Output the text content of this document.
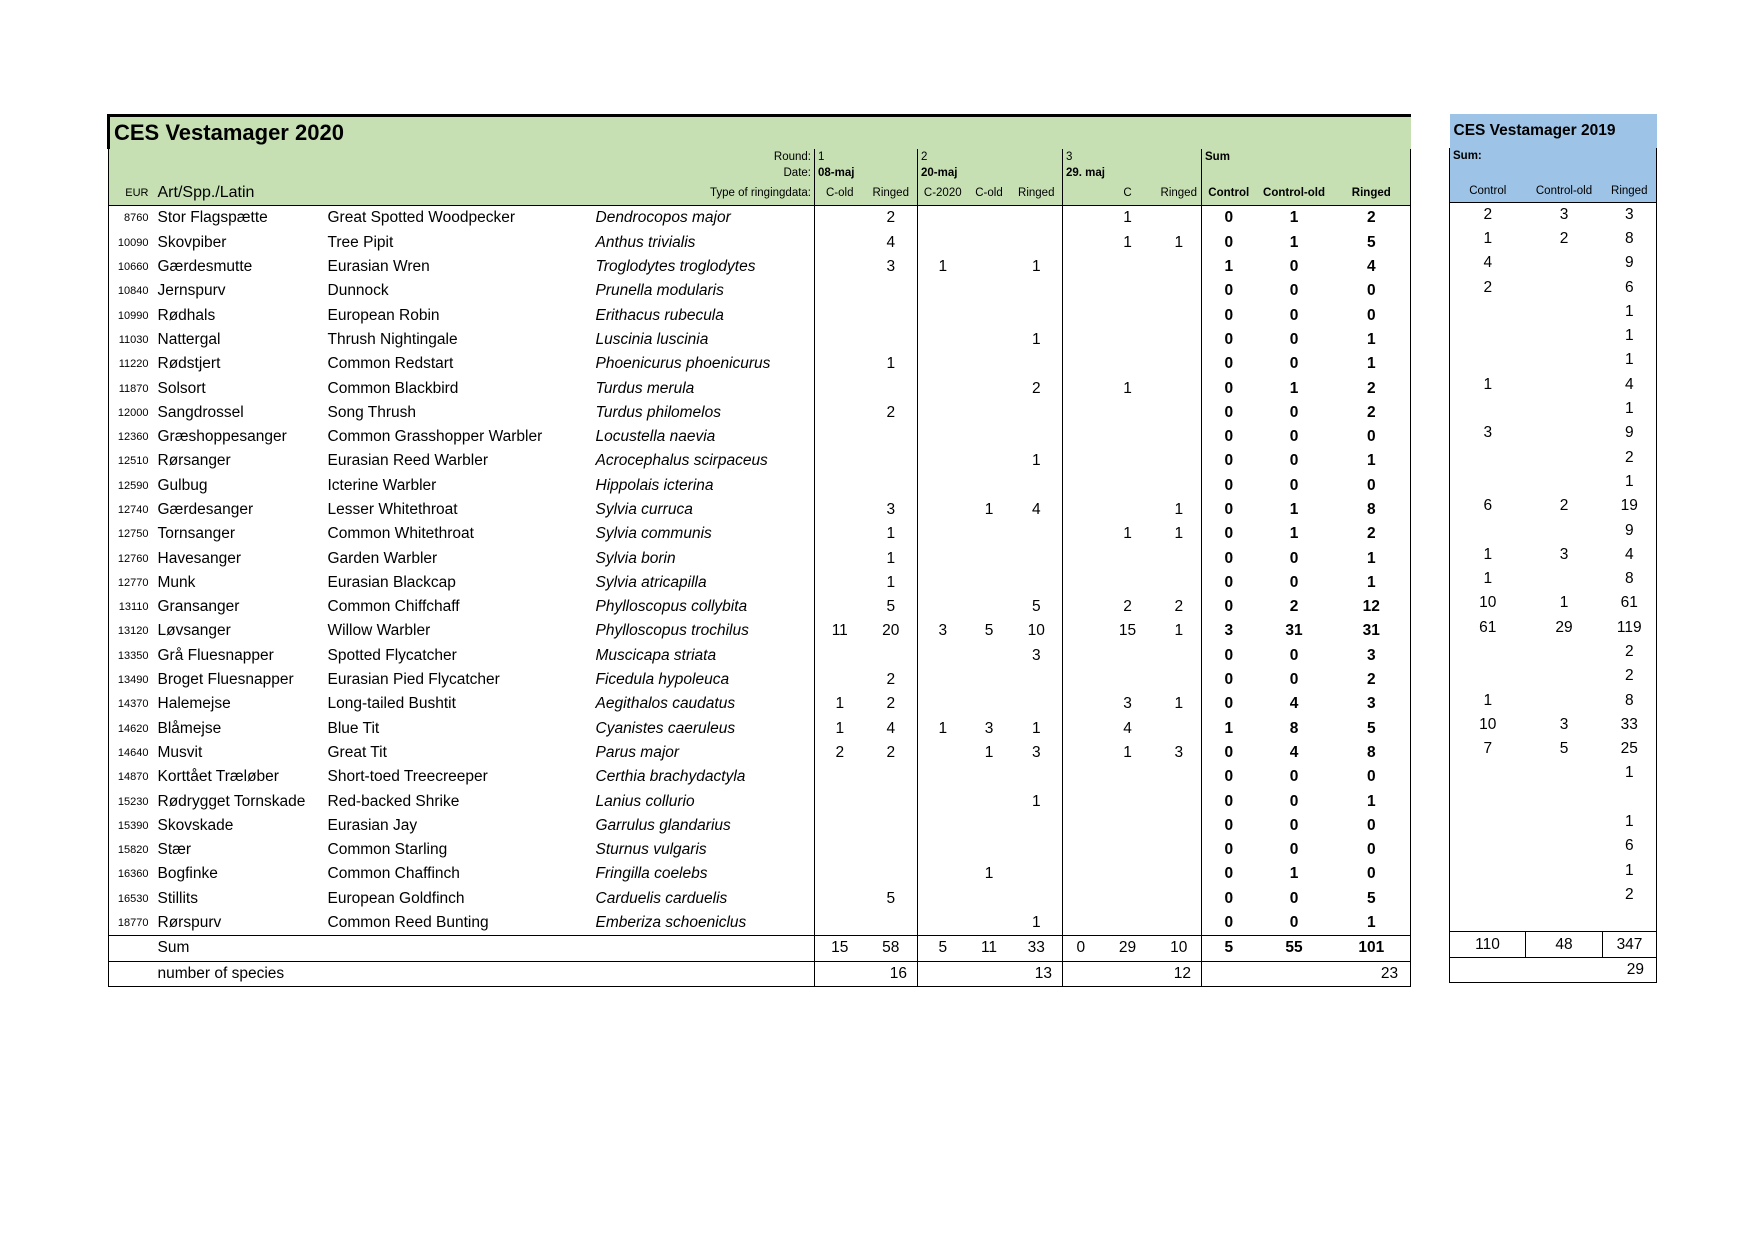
CES Vestamager 2020														
Round:				1		2			3			Sum		
Date:				08-maj		20-maj			29. maj					
EUR	Art/Spp./Latin		Type of ringingdata:	C-old	Ringed	C-2020	C-old	Ringed		C	Ringed	Control	Control-old	Ringed
8760	Stor Flagspætte	Great Spotted Woodpecker	Dendrocopos major		2					1		0	1	2
10090	Skovpiber	Tree Pipit	Anthus trivialis		4					1	1	0	1	5
10660	Gærdesmutte	Eurasian Wren	Troglodytes troglodytes		3	1		1				1	0	4
10840	Jernspurv	Dunnock	Prunella modularis									0	0	0
10990	Rødhals	European Robin	Erithacus rubecula									0	0	0
11030	Nattergal	Thrush Nightingale	Luscinia luscinia					1				0	0	1
11220	Rødstjert	Common Redstart	Phoenicurus phoenicurus		1							0	0	1
11870	Solsort	Common Blackbird	Turdus merula					2		1		0	1	2
12000	Sangdrossel	Song Thrush	Turdus philomelos		2							0	0	2
12360	Græshoppesanger	Common Grasshopper Warbler	Locustella naevia									0	0	0
12510	Rørsanger	Eurasian Reed Warbler	Acrocephalus scirpaceus					1				0	0	1
12590	Gulbug	Icterine Warbler	Hippolais icterina									0	0	0
12740	Gærdesanger	Lesser Whitethroat	Sylvia curruca		3		1	4			1	0	1	8
12750	Tornsanger	Common Whitethroat	Sylvia communis		1					1	1	0	1	2
12760	Havesanger	Garden Warbler	Sylvia borin		1							0	0	1
12770	Munk	Eurasian Blackcap	Sylvia atricapilla		1							0	0	1
13110	Gransanger	Common Chiffchaff	Phylloscopus collybita		5			5		2	2	0	2	12
13120	Løvsanger	Willow Warbler	Phylloscopus trochilus	11	20	3	5	10		15	1	3	31	31
13350	Grå Fluesnapper	Spotted Flycatcher	Muscicapa striata					3				0	0	3
13490	Broget Fluesnapper	Eurasian Pied Flycatcher	Ficedula hypoleuca		2							0	0	2
14370	Halemejse	Long-tailed Bushtit	Aegithalos caudatus	1	2					3	1	0	4	3
14620	Blåmejse	Blue Tit	Cyanistes caeruleus	1	4	1	3	1		4		1	8	5
14640	Musvit	Great Tit	Parus major	2	2		1	3		1	3	0	4	8
14870	Korttået Træløber	Short-toed Treecreeper	Certhia brachydactyla									0	0	0
15230	Rødrygget Tornskade	Red-backed Shrike	Lanius collurio					1				0	0	1
15390	Skovskade	Eurasian Jay	Garrulus glandarius									0	0	0
15820	Stær	Common Starling	Sturnus vulgaris									0	0	0
16360	Bogfinke	Common Chaffinch	Fringilla coelebs				1					0	1	0
16530	Stillits	European Goldfinch	Carduelis carduelis		5							0	0	5
18770	Rørspurv	Common Reed Bunting	Emberiza schoeniclus					1				0	0	1
	Sum			15	58	5	11	33	0	29	10	5	55	101
	number of species			16		13			12			23		
CES Vestamager 2019		
Sum:		

Control	Control-old	Ringed
2	3	3
1	2	8
4		9
2		6
		1
		1
		1
1		4
		1
3		9
		2
		1
6	2	19
		9
1	3	4
1		8
10	1	61
61	29	119
		2
		2
1		8
10	3	33
7	5	25
		1

		1
		6
		1
		2

110	48	347
29		
